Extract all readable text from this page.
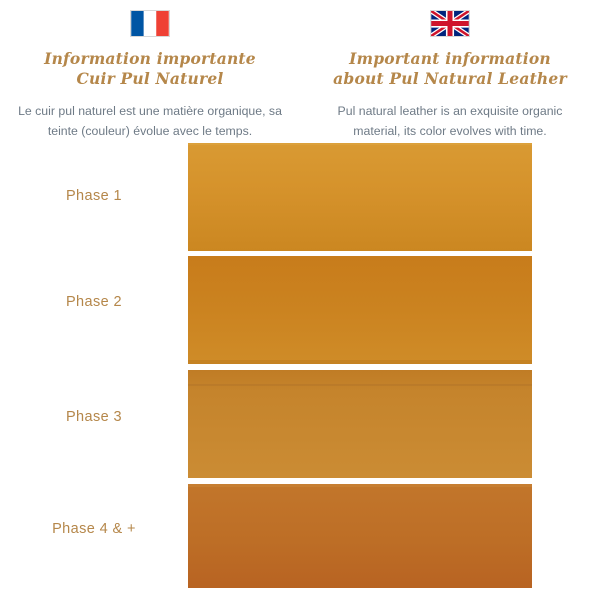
Information importante
Cuir Pul Naturel
Le cuir pul naturel est une matière organique, sa
teinte (couleur) évolue avec le temps.
Important information
about Pul Natural Leather
Pul natural leather is an exquisite organic
material, its color evolves with time.
Phase 1
Phase 2
Phase 3
Phase 4 & +
